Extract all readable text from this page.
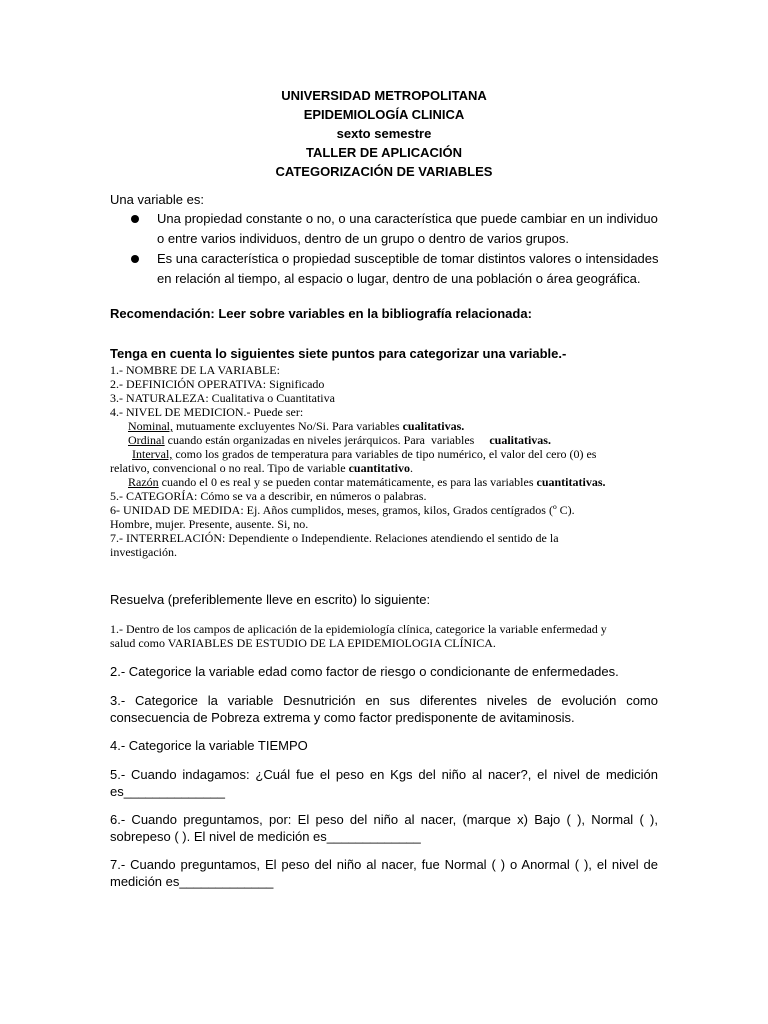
UNIVERSIDAD METROPOLITANA
EPIDEMIOLOGÍA CLINICA
sexto semestre
TALLER DE APLICACIÓN
CATEGORIZACIÓN DE VARIABLES
Una variable es:
Una propiedad constante o no, o una característica que puede cambiar en un individuo o entre varios individuos, dentro de un grupo o dentro de varios grupos.
Es una característica o propiedad susceptible de tomar distintos valores o intensidades en relación al tiempo, al espacio o lugar, dentro de una población o área geográfica.
Recomendación: Leer sobre variables en la bibliografía relacionada:
Tenga en cuenta lo siguientes siete puntos para categorizar una variable.-
1.- NOMBRE DE LA VARIABLE:
2.- DEFINICIÓN OPERATIVA: Significado
3.- NATURALEZA: Cualitativa o Cuantitativa
4.- NIVEL DE MEDICION.- Puede ser:
Nominal, mutuamente excluyentes No/Si. Para variables cualitativas.
Ordinal cuando están organizadas en niveles jerárquicos. Para  variables     cualitativas.
Interval, como los grados de temperatura para variables de tipo numérico, el valor del cero (0) es
relativo, convencional o no real. Tipo de variable cuantitativo.
Razón cuando el 0 es real y se pueden contar matemáticamente, es para las variables cuantitativas.
5.- CATEGORÍA: Cómo se va a describir, en números o palabras.
6- UNIDAD DE MEDIDA: Ej. Años cumplidos, meses, gramos, kilos, Grados centígrados (º C).
Hombre, mujer. Presente, ausente. Si, no.
7.- INTERRELACIÓN: Dependiente o Independiente. Relaciones atendiendo el sentido de la
investigación.
Resuelva (preferiblemente lleve en escrito) lo siguiente:
1.- Dentro de los campos de aplicación de la epidemiología clínica, categorice la variable enfermedad y
salud como VARIABLES DE ESTUDIO DE LA EPIDEMIOLOGIA CLÍNICA.
2.- Categorice la variable edad como factor de riesgo o condicionante de enfermedades.
3.- Categorice la variable Desnutrición en sus diferentes niveles de evolución como consecuencia de Pobreza extrema y como factor predisponente de avitaminosis.
4.- Categorice la variable TIEMPO
5.- Cuando indagamos: ¿Cuál fue el peso en Kgs del niño al nacer?, el nivel de medición es______________
6.- Cuando preguntamos, por: El peso del niño al nacer, (marque x) Bajo ( ), Normal ( ), sobrepeso ( ). El nivel de medición es_____________
7.- Cuando preguntamos, El peso del niño al nacer, fue Normal ( ) o Anormal ( ), el nivel de medición es_____________
